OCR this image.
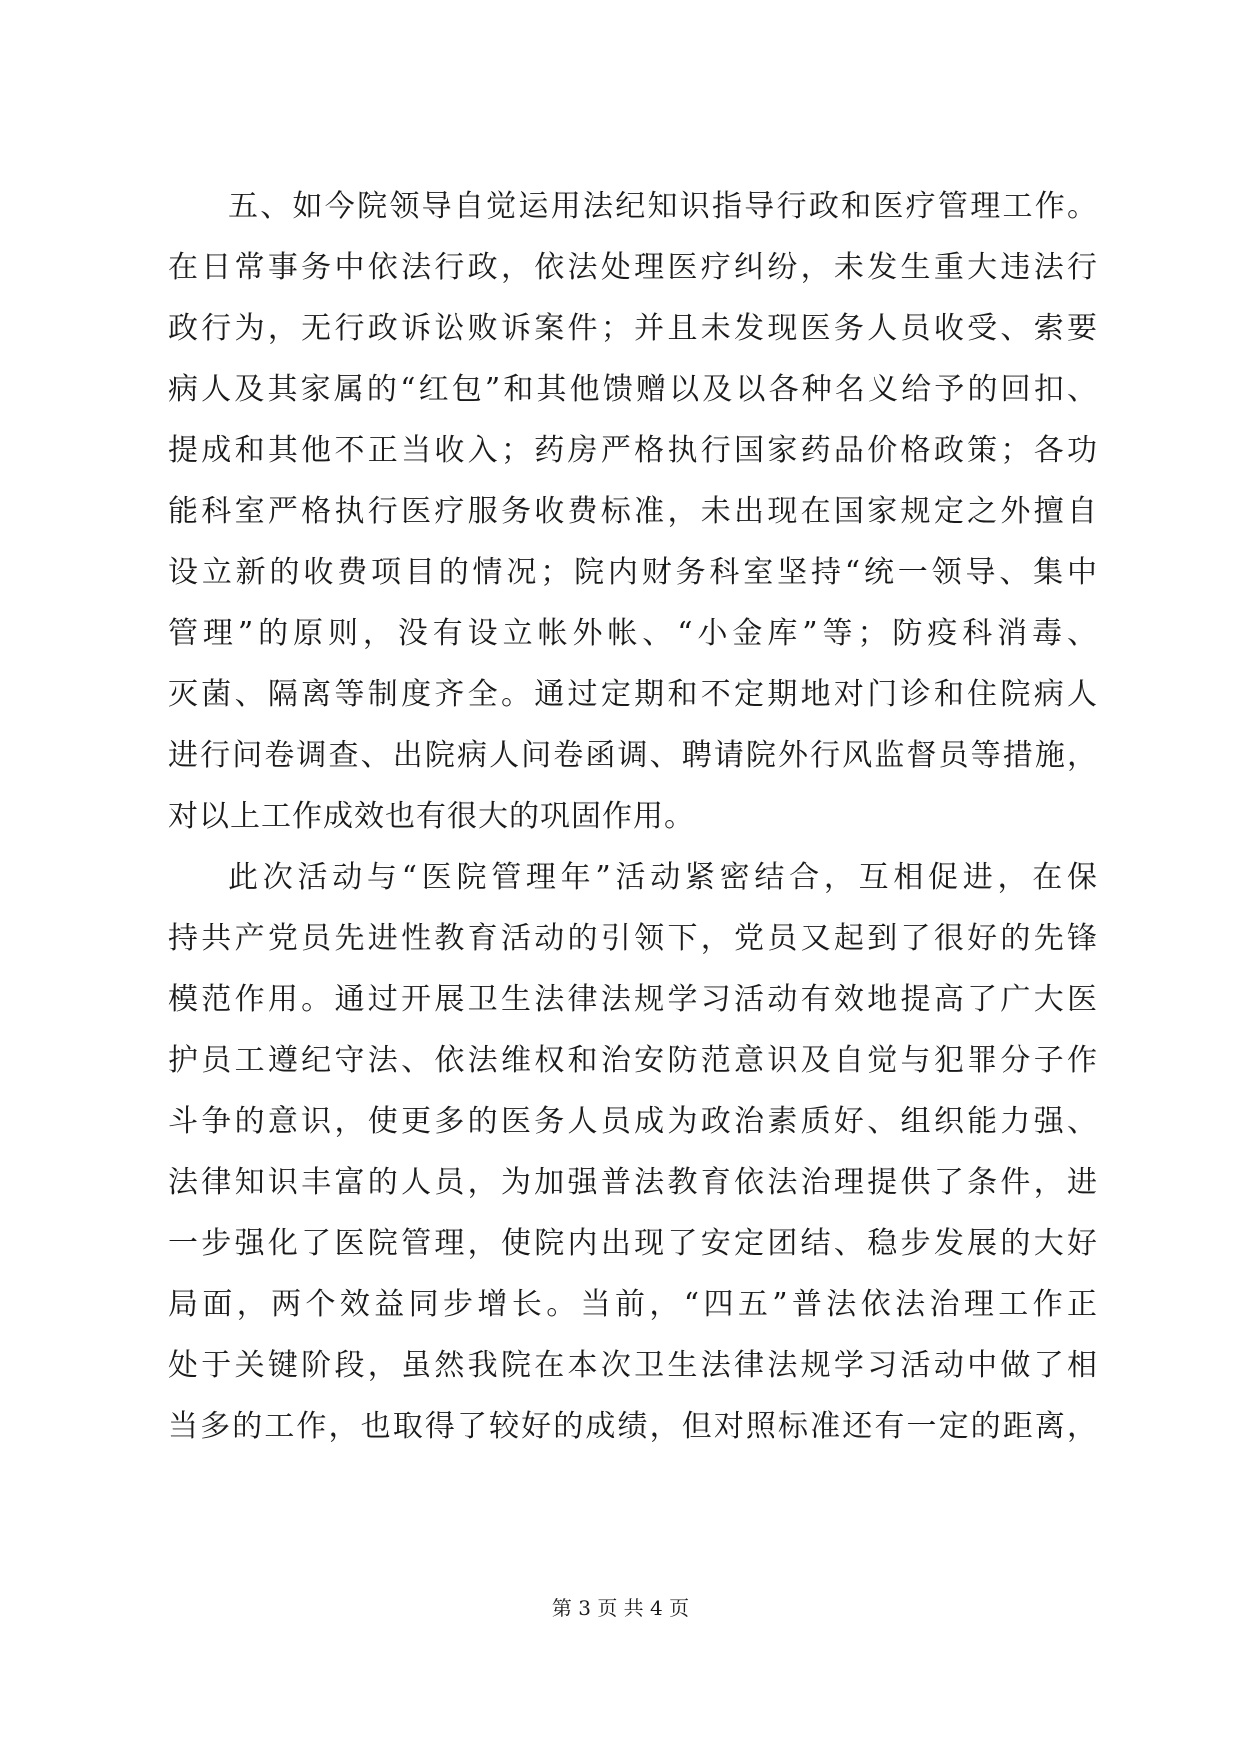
五、如今院领导自觉运用法纪知识指导行政和医疗管理工作。
在日常事务中依法行政，依法处理医疗纠纷，未发生重大违法行
政行为，无行政诉讼败诉案件；并且未发现医务人员收受、索要
病人及其家属的“红包”和其他馈赠以及以各种名义给予的回扣、
提成和其他不正当收入；药房严格执行国家药品价格政策；各功
能科室严格执行医疗服务收费标准，未出现在国家规定之外擅自
设立新的收费项目的情况；院内财务科室坚持“统一领导、集中
管理”的原则，没有设立帐外帐、“小金库”等；防疫科消毒、
灭菌、隔离等制度齐全。通过定期和不定期地对门诊和住院病人
进行问卷调查、出院病人问卷函调、聘请院外行风监督员等措施，
对以上工作成效也有很大的巩固作用。
此次活动与“医院管理年”活动紧密结合，互相促进，在保
持共产党员先进性教育活动的引领下，党员又起到了很好的先锋
模范作用。通过开展卫生法律法规学习活动有效地提高了广大医
护员工遵纪守法、依法维权和治安防范意识及自觉与犯罪分子作
斗争的意识，使更多的医务人员成为政治素质好、组织能力强、
法律知识丰富的人员，为加强普法教育依法治理提供了条件，进
一步强化了医院管理，使院内出现了安定团结、稳步发展的大好
局面，两个效益同步增长。当前，“四五”普法依法治理工作正
处于关键阶段，虽然我院在本次卫生法律法规学习活动中做了相
当多的工作，也取得了较好的成绩，但对照标准还有一定的距离，
第 3 页 共 4 页
